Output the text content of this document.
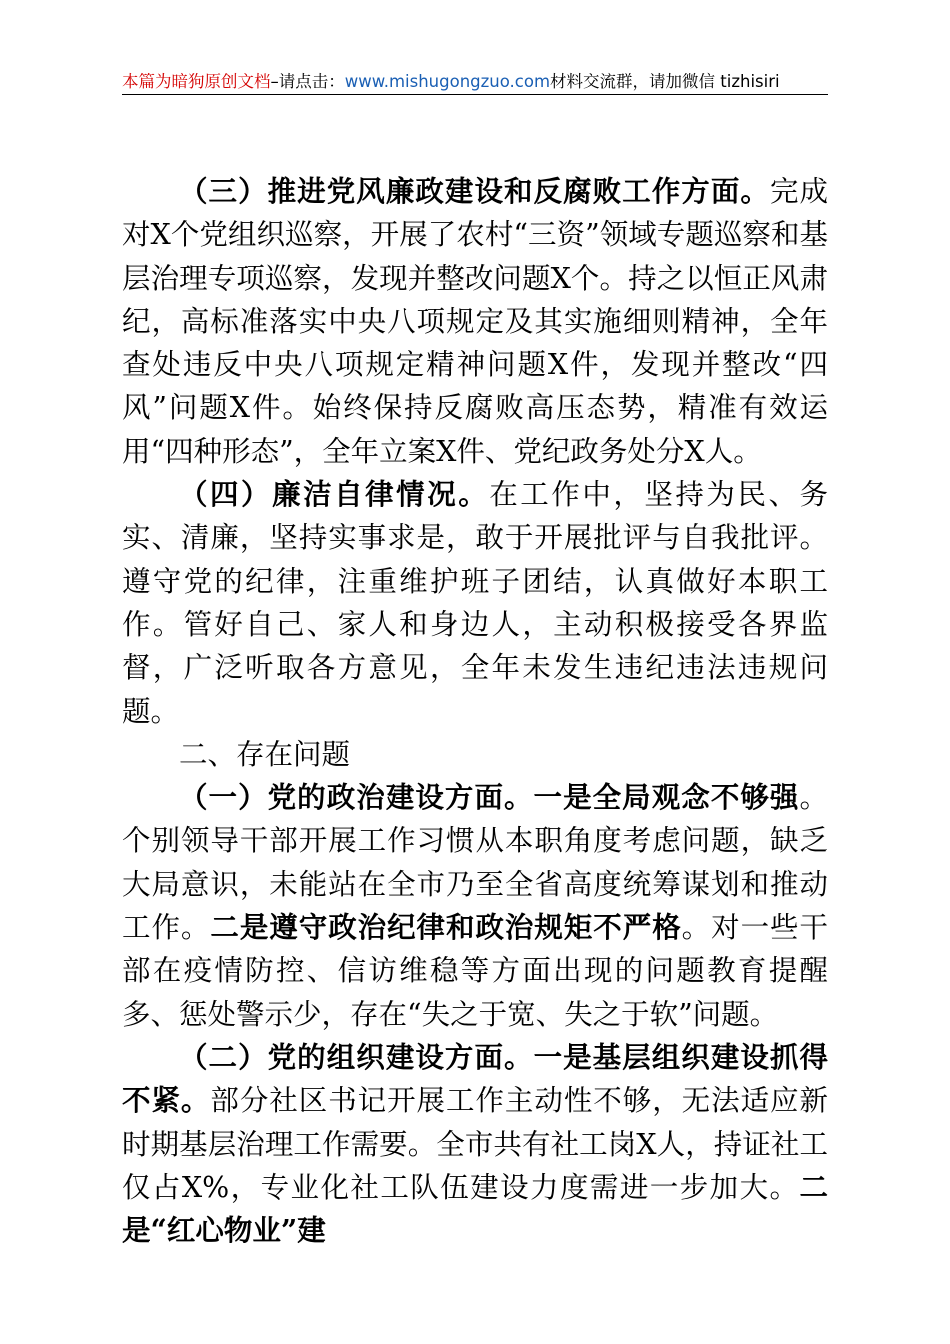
本篇为暗狗原创文档–请点击：www.mishugongzuo.com材料交流群，请加微信 tizhisiri

（三）推进党风廉政建设和反腐败工作方面。完成对X个党组织巡察，开展了农村“三资”领域专题巡察和基层治理专项巡察，发现并整改问题X个。持之以恒正风肃纪，高标准落实中央八项规定及其实施细则精神，全年查处违反中央八项规定精神问题X件，发现并整改“四风”问题X件。始终保持反腐败高压态势，精准有效运用“四种形态”，全年立案X件、党纪政务处分X人。

（四）廉洁自律情况。在工作中，坚持为民、务实、清廉，坚持实事求是，敢于开展批评与自我批评。遵守党的纪律，注重维护班子团结，认真做好本职工作。管好自己、家人和身边人，主动积极接受各界监督，广泛听取各方意见，全年未发生违纪违法违规问题。

二、存在问题

（一）党的政治建设方面。一是全局观念不够强。个别领导干部开展工作习惯从本职角度考虑问题，缺乏大局意识，未能站在全市乃至全省高度统筹谋划和推动工作。二是遵守政治纪律和政治规矩不严格。对一些干部在疫情防控、信访维稳等方面出现的问题教育提醒多、惩处警示少，存在“失之于宽、失之于软”问题。

（二）党的组织建设方面。一是基层组织建设抓得不紧。部分社区书记开展工作主动性不够，无法适应新时期基层治理工作需要。全市共有社工岗X人，持证社工仅占X%，专业化社工队伍建设力度需进一步加大。二是“红心物业”建
